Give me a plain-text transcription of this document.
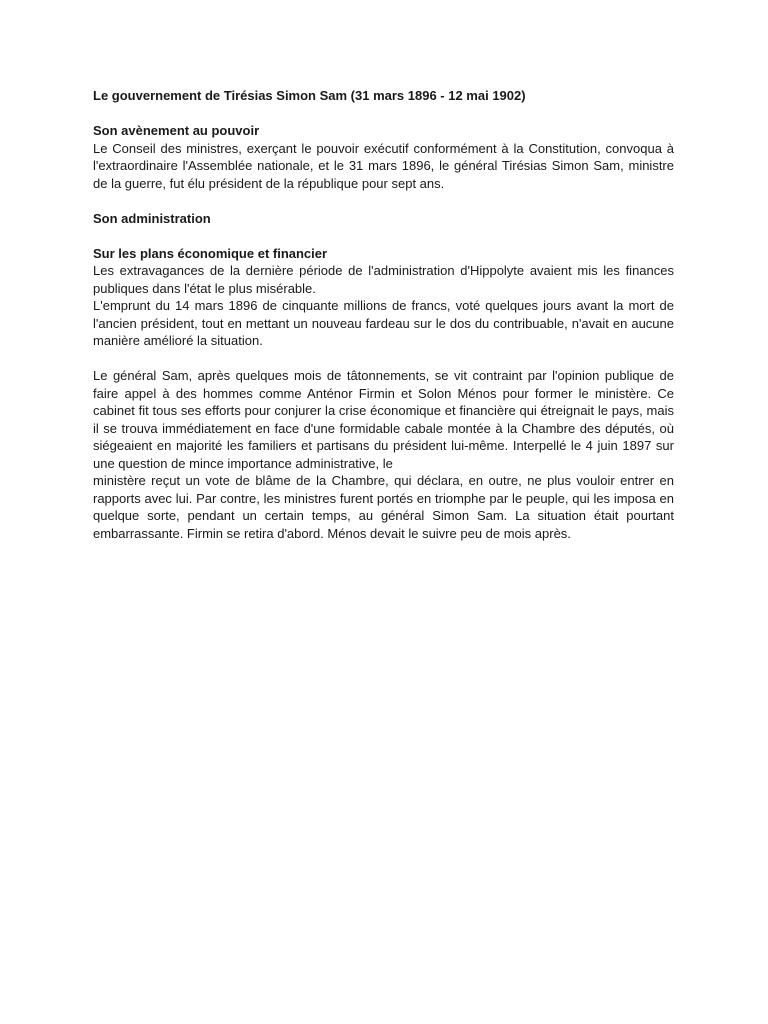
Le gouvernement de Tirésias Simon Sam (31 mars 1896 - 12 mai 1902)

Son avènement au pouvoir

Le Conseil des ministres, exerçant le pouvoir exécutif conformément à la Constitution, convoqua à l'extraordinaire l'Assemblée nationale, et le 31 mars 1896, le général Tirésias Simon Sam, ministre de la guerre, fut élu président de la république pour sept ans.

Son administration

Sur les plans économique et financier

Les extravagances de la dernière période de l'administration d'Hippolyte avaient mis les finances publiques dans l'état le plus misérable.

L'emprunt du 14 mars 1896 de cinquante millions de francs, voté quelques jours avant la mort de l'ancien président, tout en mettant un nouveau fardeau sur le dos du contribuable, n'avait en aucune manière amélioré la situation.

Le général Sam, après quelques mois de tâtonnements, se vit contraint par l'opinion publique de faire appel à des hommes comme Anténor Firmin et Solon Ménos pour former le ministère. Ce cabinet fit tous ses efforts pour conjurer la crise économique et financière qui étreignait le pays, mais il se trouva immédiatement en face d'une formidable cabale montée à la Chambre des députés, où siégeaient en majorité les familiers et partisans du président lui-même. Interpellé le 4 juin 1897 sur une question de mince importance administrative, le

ministère reçut un vote de blâme de la Chambre, qui déclara, en outre, ne plus vouloir entrer en rapports avec lui. Par contre, les ministres furent portés en triomphe par le peuple, qui les imposa en quelque sorte, pendant un certain temps, au général Simon Sam. La situation était pourtant embarrassante. Firmin se retira d'abord. Ménos devait le suivre peu de mois après.
